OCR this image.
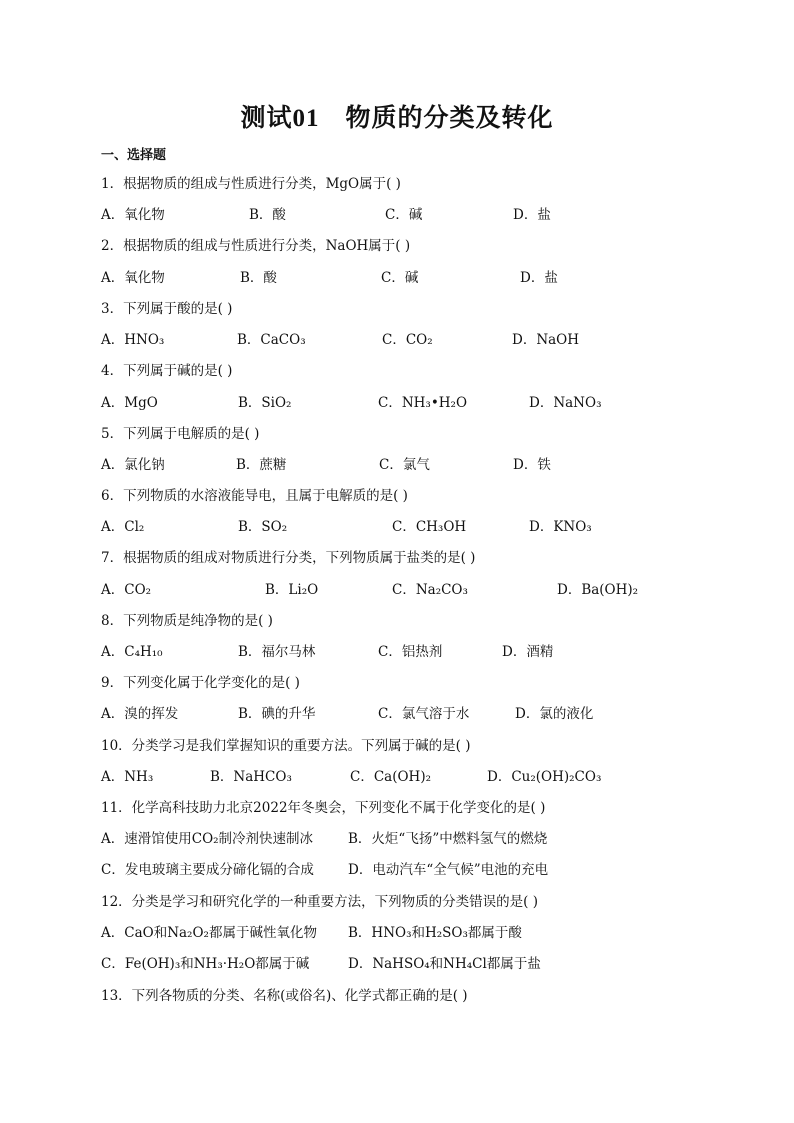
测试01 物质的分类及转化
一、选择题
1．根据物质的组成与性质进行分类，MgO属于( )
A．氧化物	B．酸	C．碱	D．盐
2．根据物质的组成与性质进行分类，NaOH属于( )
A．氧化物	B．酸	C．碱	D．盐
3．下列属于酸的是( )
A．HNO₃	B．CaCO₃	C．CO₂	D．NaOH
4．下列属于碱的是( )
A．MgO	B．SiO₂	C．NH₃•H₂O	D．NaNO₃
5．下列属于电解质的是( )
A．氯化钠	B．蔗糖	C．氯气	D．铁
6．下列物质的水溶液能导电，且属于电解质的是( )
A．Cl₂	B．SO₂	C．CH₃OH	D．KNO₃
7．根据物质的组成对物质进行分类，下列物质属于盐类的是( )
A．CO₂	B．Li₂O	C．Na₂CO₃	D．Ba(OH)₂
8．下列物质是纯净物的是( )
A．C₄H₁₀	B．福尔马林	C．铝热剂	D．酒精
9．下列变化属于化学变化的是( )
A．溴的挥发	B．碘的升华	C．氯气溶于水	D．氯的液化
10．分类学习是我们掌握知识的重要方法。下列属于碱的是( )
A．NH₃	B．NaHCO₃	C．Ca(OH)₂	D．Cu₂(OH)₂CO₃
11．化学高科技助力北京2022年冬奥会，下列变化不属于化学变化的是( )
A．速滑馆使用CO₂制冷剂快速制冰	B．火炬“飞扬”中燃料氢气的燃烧
C．发电玻璃主要成分碲化镉的合成	D．电动汽车“全气候”电池的充电
12．分类是学习和研究化学的一种重要方法，下列物质的分类错误的是( )
A．CaO和Na₂O₂都属于碱性氧化物 B．HNO₃和H₂SO₃都属于酸
C．Fe(OH)₃和NH₃·H₂O都属于碱	D．NaHSO₄和NH₄Cl都属于盐
13．下列各物质的分类、名称(或俗名)、化学式都正确的是( )
